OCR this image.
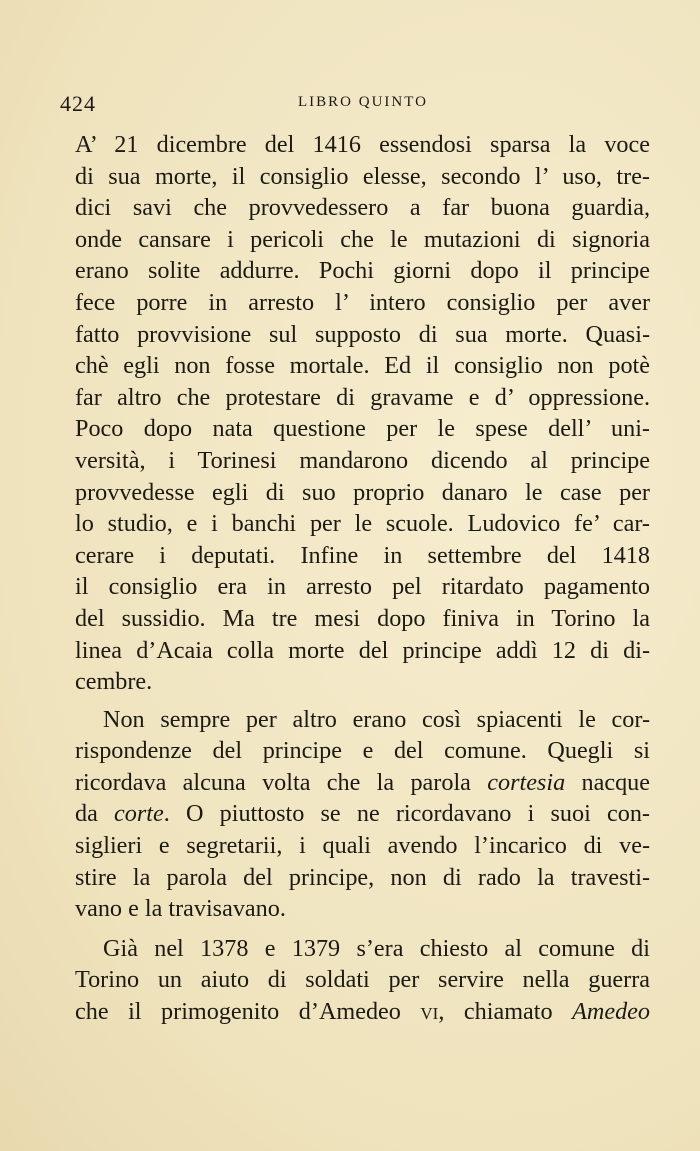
424	LIBRO QUINTO
A’ 21 dicembre del 1416 essendosi sparsa la voce
di sua morte, il consiglio elesse, secondo l’ uso, tre-
dici savi che provvedessero a far buona guardia,
onde cansare i pericoli che le mutazioni di signoria
erano solite addurre. Pochi giorni dopo il principe
fece porre in arresto l’ intero consiglio per aver
fatto provvisione sul supposto di sua morte. Quasi-
chè egli non fosse mortale. Ed il consiglio non potè
far altro che protestare di gravame e d’ oppressione.
Poco dopo nata questione per le spese dell’ uni-
versità, i Torinesi mandarono dicendo al principe
provvedesse egli di suo proprio danaro le case per
lo studio, e i banchi per le scuole. Ludovico fe’ car-
cerare i deputati. Infine in settembre del 1418
il consiglio era in arresto pel ritardato pagamento
del sussidio. Ma tre mesi dopo finiva in Torino la
linea d’Acaia colla morte del principe addì 12 di di-
cembre.
Non sempre per altro erano così spiacenti le cor-
rispondenze del principe e del comune. Quegli si
ricordava alcuna volta che la parola cortesia nacque
da corte. O piuttosto se ne ricordavano i suoi con-
siglieri e segretarii, i quali avendo l’incarico di ve-
stire la parola del principe, non di rado la travesti-
vano e la travisavano.
Già nel 1378 e 1379 s’era chiesto al comune di
Torino un aiuto di soldati per servire nella guerra
che il primogenito d’Amedeo vi, chiamato Amedeo
